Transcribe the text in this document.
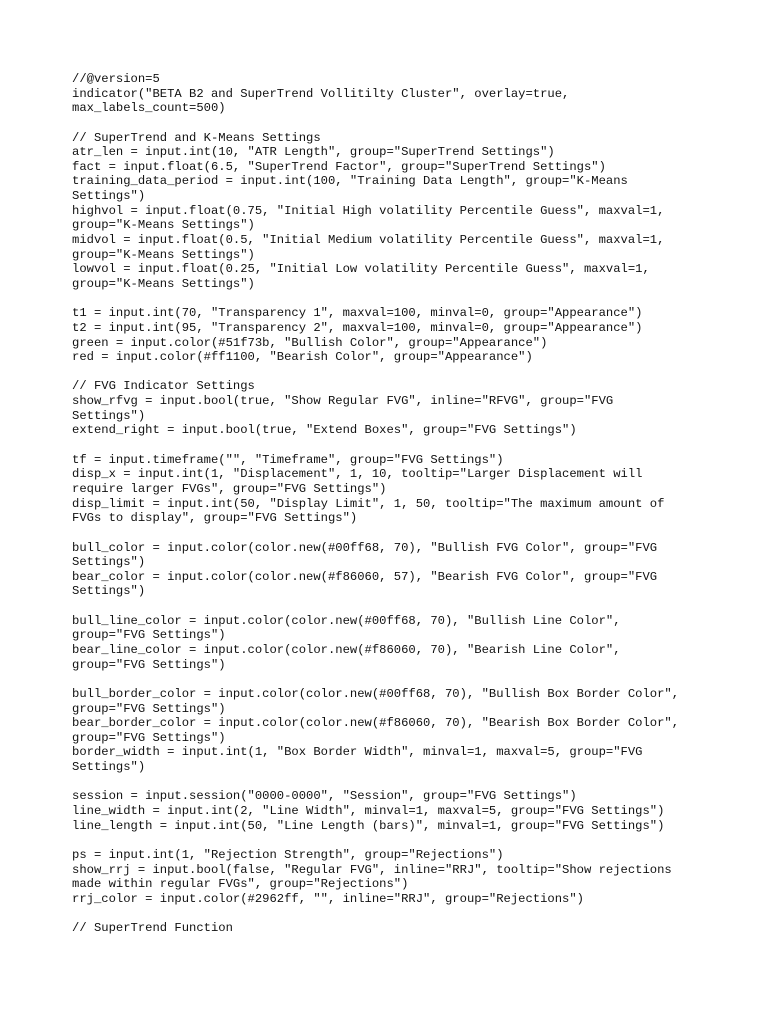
//@version=5
indicator("BETA B2 and SuperTrend Vollitilty Cluster", overlay=true,
max_labels_count=500)
// SuperTrend and K-Means Settings
atr_len = input.int(10, "ATR Length", group="SuperTrend Settings")
fact = input.float(6.5, "SuperTrend Factor", group="SuperTrend Settings")
training_data_period = input.int(100, "Training Data Length", group="K-Means
Settings")
highvol = input.float(0.75, "Initial High volatility Percentile Guess", maxval=1,
group="K-Means Settings")
midvol = input.float(0.5, "Initial Medium volatility Percentile Guess", maxval=1,
group="K-Means Settings")
lowvol = input.float(0.25, "Initial Low volatility Percentile Guess", maxval=1,
group="K-Means Settings")
t1 = input.int(70, "Transparency 1", maxval=100, minval=0, group="Appearance")
t2 = input.int(95, "Transparency 2", maxval=100, minval=0, group="Appearance")
green = input.color(#51f73b, "Bullish Color", group="Appearance")
red = input.color(#ff1100, "Bearish Color", group="Appearance")
// FVG Indicator Settings
show_rfvg = input.bool(true, "Show Regular FVG", inline="RFVG", group="FVG
Settings")
extend_right = input.bool(true, "Extend Boxes", group="FVG Settings")
tf = input.timeframe("", "Timeframe", group="FVG Settings")
disp_x = input.int(1, "Displacement", 1, 10, tooltip="Larger Displacement will
require larger FVGs", group="FVG Settings")
disp_limit = input.int(50, "Display Limit", 1, 50, tooltip="The maximum amount of
FVGs to display", group="FVG Settings")
bull_color = input.color(color.new(#00ff68, 70), "Bullish FVG Color", group="FVG
Settings")
bear_color = input.color(color.new(#f86060, 57), "Bearish FVG Color", group="FVG
Settings")
bull_line_color = input.color(color.new(#00ff68, 70), "Bullish Line Color",
group="FVG Settings")
bear_line_color = input.color(color.new(#f86060, 70), "Bearish Line Color",
group="FVG Settings")
bull_border_color = input.color(color.new(#00ff68, 70), "Bullish Box Border Color",
group="FVG Settings")
bear_border_color = input.color(color.new(#f86060, 70), "Bearish Box Border Color",
group="FVG Settings")
border_width = input.int(1, "Box Border Width", minval=1, maxval=5, group="FVG
Settings")
session = input.session("0000-0000", "Session", group="FVG Settings")
line_width = input.int(2, "Line Width", minval=1, maxval=5, group="FVG Settings")
line_length = input.int(50, "Line Length (bars)", minval=1, group="FVG Settings")
ps = input.int(1, "Rejection Strength", group="Rejections")
show_rrj = input.bool(false, "Regular FVG", inline="RRJ", tooltip="Show rejections
made within regular FVGs", group="Rejections")
rrj_color = input.color(#2962ff, "", inline="RRJ", group="Rejections")
// SuperTrend Function
